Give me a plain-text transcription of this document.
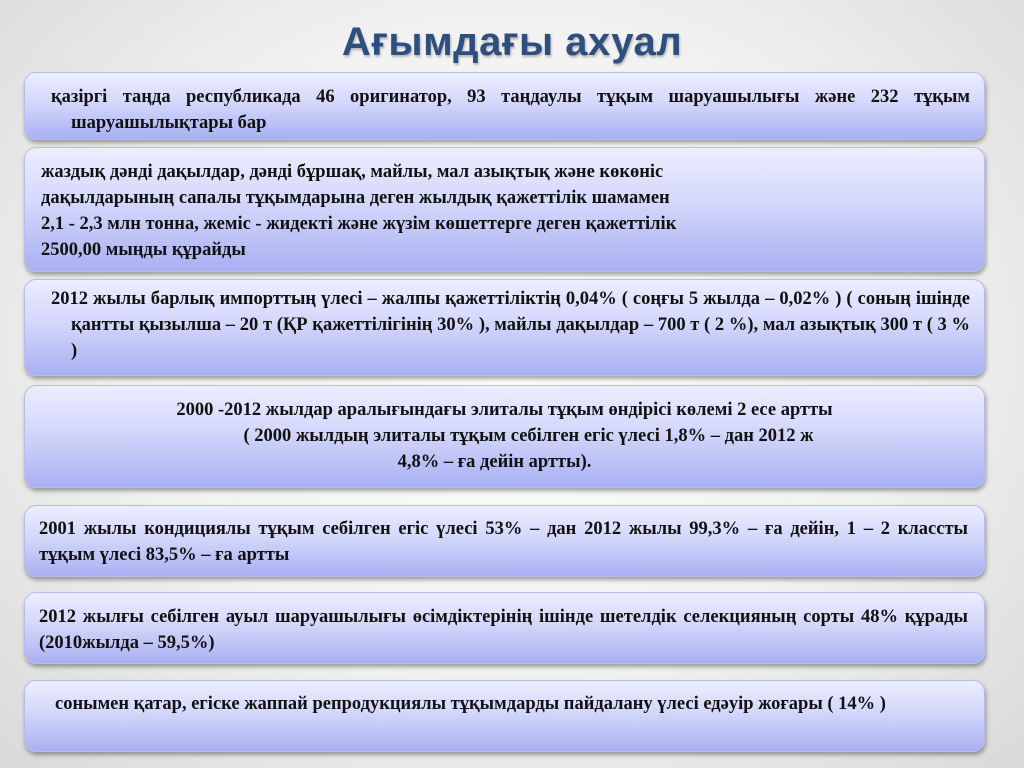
Ағымдағы ахуал

қазіргі таңда республикада 46 оригинатор, 93 таңдаулы тұқым шаруашылығы және 232 тұқым шаруашылықтары бар

жаздық дәнді дақылдар, дәнді бұршақ, майлы, мал азықтық және көкөніс

дақылдарының сапалы тұқымдарына деген жылдық қажеттілік шамамен

2,1 - 2,3 млн тонна, жеміс - жидекті және жүзім көшеттерге деген қажеттілік

2500,00 мыңды құрайды

2012 жылы барлық импорттың үлесі – жалпы қажеттіліктің 0,04% ( соңғы 5 жылда – 0,02% ) ( соның ішінде қантты қызылша – 20 т (ҚР қажеттілігінің 30% ), майлы дақылдар – 700 т ( 2 %), мал азықтық 300 т ( 3 % )

2000 -2012 жылдар аралығындағы элиталы тұқым өндірісі көлемі 2 есе артты

( 2000 жылдың элиталы тұқым себілген егіс үлесі 1,8% – дан 2012 ж

4,8% – ға дейін артты).

2001 жылы кондициялы тұқым себілген егіс үлесі 53% – дан 2012 жылы 99,3% – ға дейін, 1 – 2 классты тұқым үлесі 83,5% – ға артты

2012 жылғы себілген ауыл шаруашылығы өсімдіктерінің ішінде шетелдік селекцияның сорты 48% құрады (2010жылда – 59,5%)

сонымен қатар, егіске жаппай репродукциялы тұқымдарды пайдалану үлесі едәуір жоғары ( 14% )
